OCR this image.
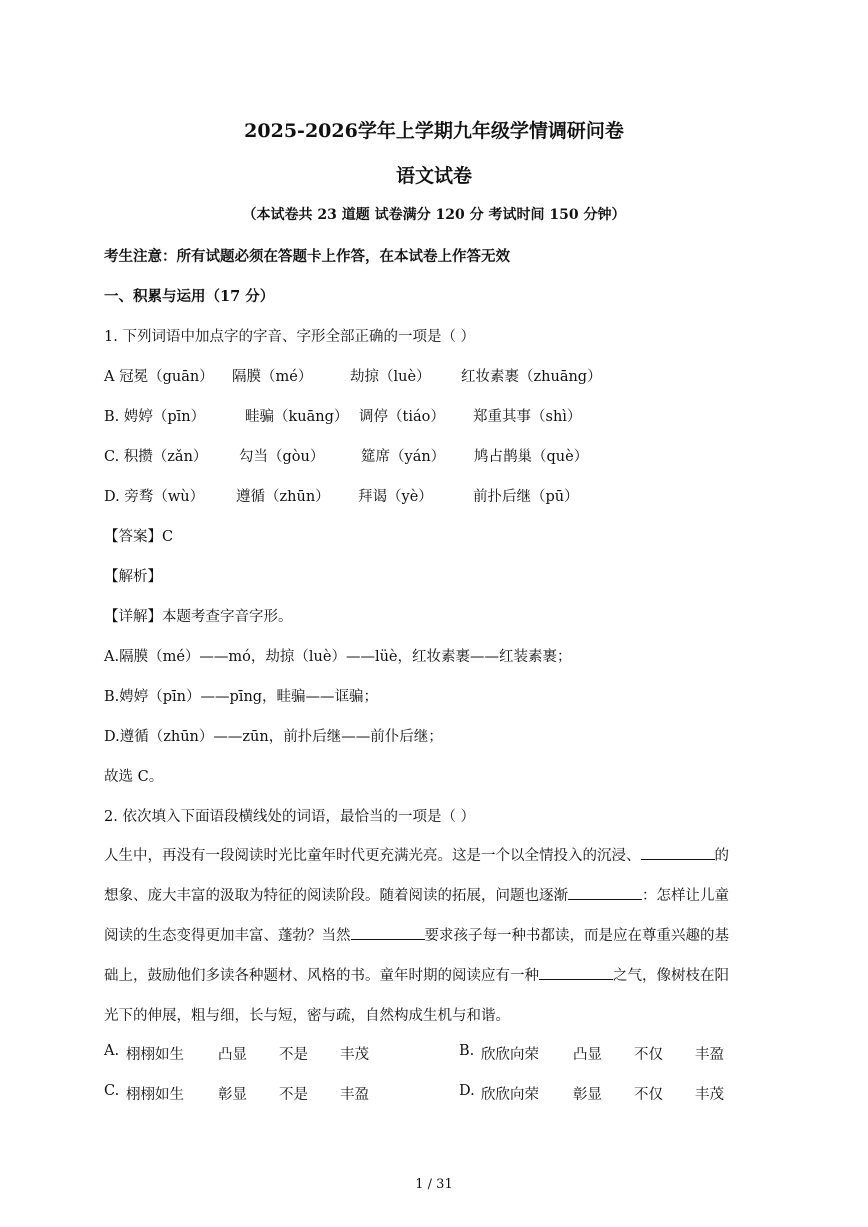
2025-2026学年上学期九年级学情调研问卷
语文试卷
（本试卷共 23 道题 试卷满分 120 分 考试时间 150 分钟）
考生注意：所有试题必须在答题卡上作答，在本试卷上作答无效
一、积累与运用（17 分）
1. 下列词语中加点字的字音、字形全部正确的一项是（ ）
A 冠冕（guān） 隔膜（mé）	劫掠（luè） 红妆素裹（zhuāng）
B. 娉婷（pīn）	畦骗（kuāng） 调停（tiáo） 郑重其事（shì）
C. 积攒（zǎn） 勾当（gòu）	筵席（yán） 鸠占鹊巢（què）
D. 旁骛（wù） 遵循（zhūn） 拜谒（yè）	前扑后继（pū）
【答案】C
【解析】
【详解】本题考查字音字形。
A.隔膜（mé）——mó，劫掠（luè）——lüè，红妆素裹——红装素裹；
B.娉婷（pīn）——pīng，畦骗——诓骗；
D.遵循（zhūn）——zūn，前扑后继——前仆后继；
故选 C。
2. 依次填入下面语段横线处的词语，最恰当的一项是（ ）
人生中，再没有一段阅读时光比童年时代更充满光亮。这是一个以全情投入的沉浸、	的
想象、庞大丰富的汲取为特征的阅读阶段。随着阅读的拓展，问题也逐渐	：怎样让儿童
阅读的生态变得更加丰富、蓬勃？当然	要求孩子每一种书都读，而是应在尊重兴趣的基
础上，鼓励他们多读各种题材、风格的书。童年时期的阅读应有一种	之气，像树枝在阳
光下的伸展，粗与细，长与短，密与疏，自然构成生机与和谐。
A. 栩栩如生 凸显 不是 丰茂	B. 欣欣向荣 凸显 不仅 丰盈
C. 栩栩如生 彰显 不是 丰盈	D. 欣欣向荣 彰显 不仅 丰茂
1 / 31
